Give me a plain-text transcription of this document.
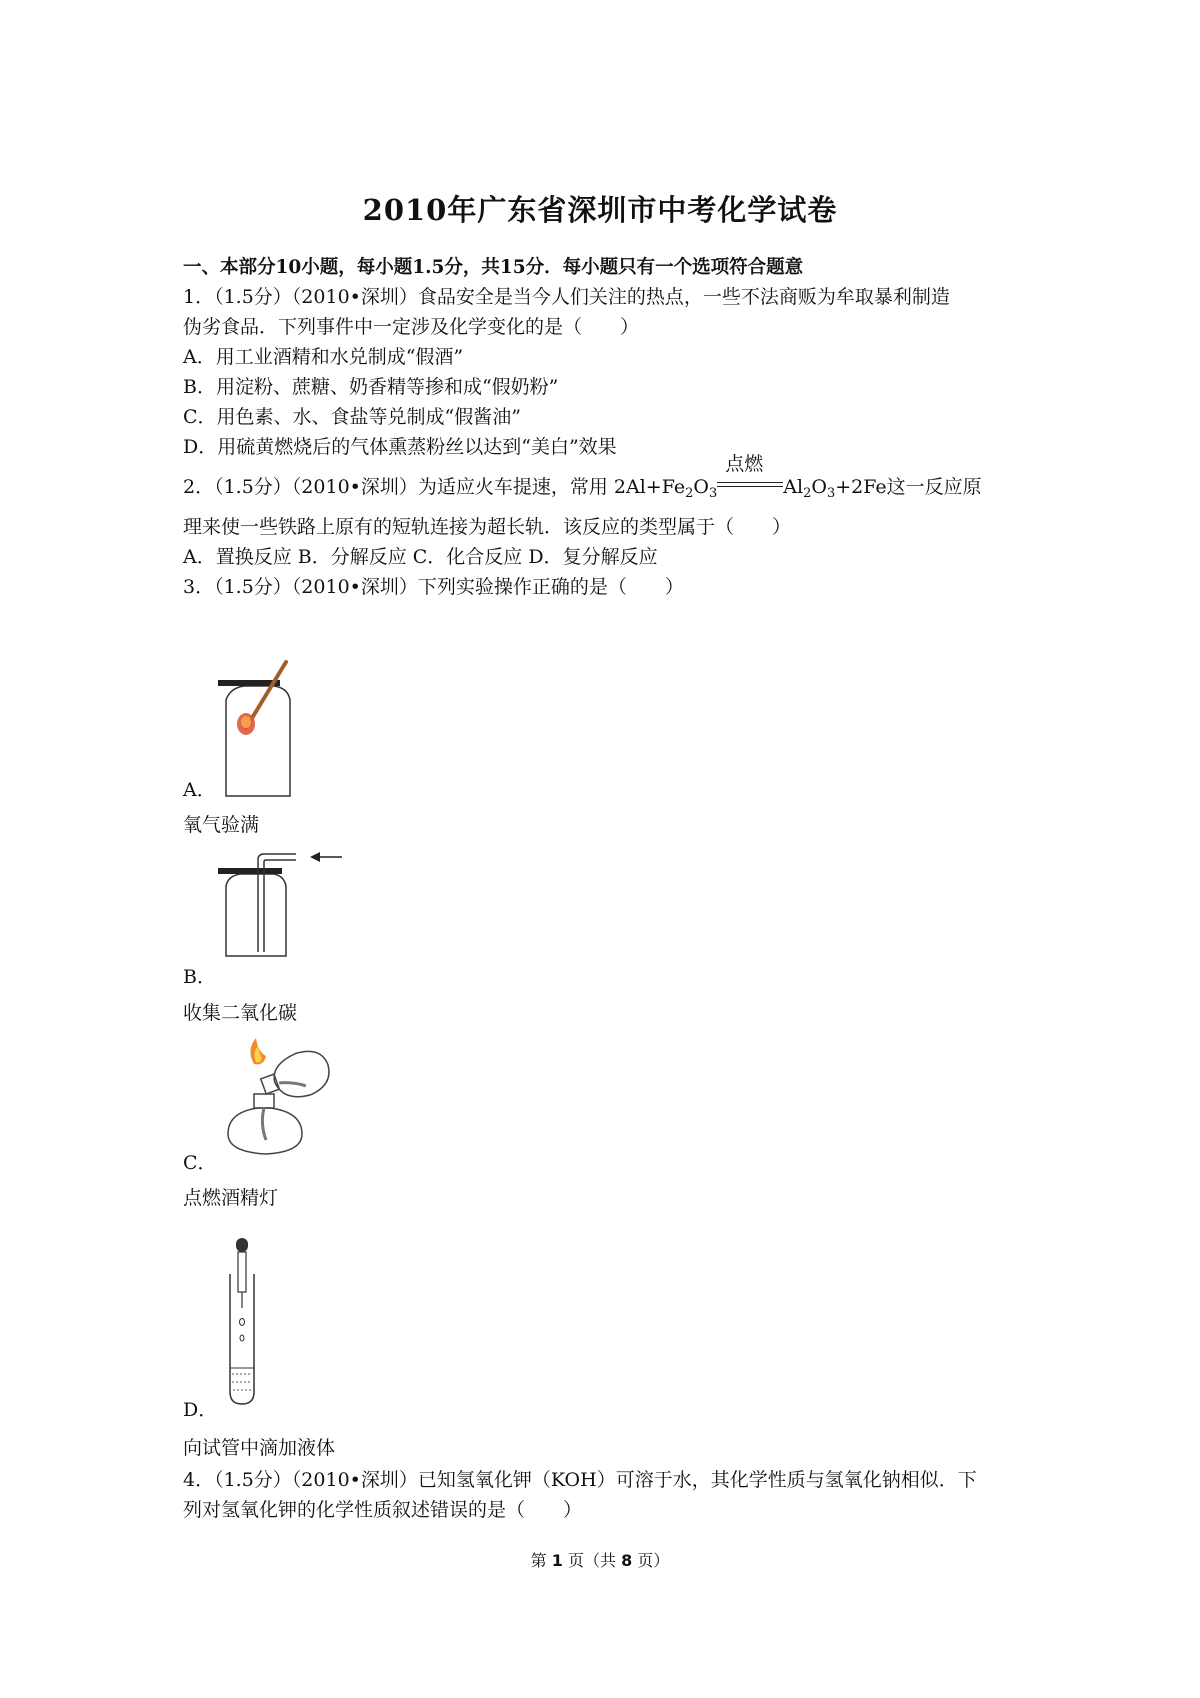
2010年广东省深圳市中考化学试卷
一、本部分10小题，每小题1.5分，共15分．每小题只有一个选项符合题意
1．（1.5分）（2010•深圳）食品安全是当今人们关注的热点，一些不法商贩为牟取暴利制造
伪劣食品．下列事件中一定涉及化学变化的是（　　）
A．用工业酒精和水兑制成“假酒”
B．用淀粉、蔗糖、奶香精等掺和成“假奶粉”
C．用色素、水、食盐等兑制成“假酱油”
D．用硫黄燃烧后的气体熏蒸粉丝以达到“美白”效果
2．（1.5分）（2010•深圳）为适应火车提速，常用 $2Al+Fe_2O_3$
点燃
$Al_2O_3+2Fe$这一反应原
理来使一些铁路上原有的短轨连接为超长轨．该反应的类型属于（　　）
A．置换反应 B．分解反应 C．化合反应 D．复分解反应
3．（1.5分）（2010•深圳）下列实验操作正确的是（　　）
A．
氧气验满
B．
收集二氧化碳
C．
点燃酒精灯
D．
向试管中滴加液体
4．（1.5分）（2010•深圳）已知氢氧化钾（KOH）可溶于水，其化学性质与氢氧化钠相似．下
列对氢氧化钾的化学性质叙述错误的是（　　）
第 1 页（共 8 页）
